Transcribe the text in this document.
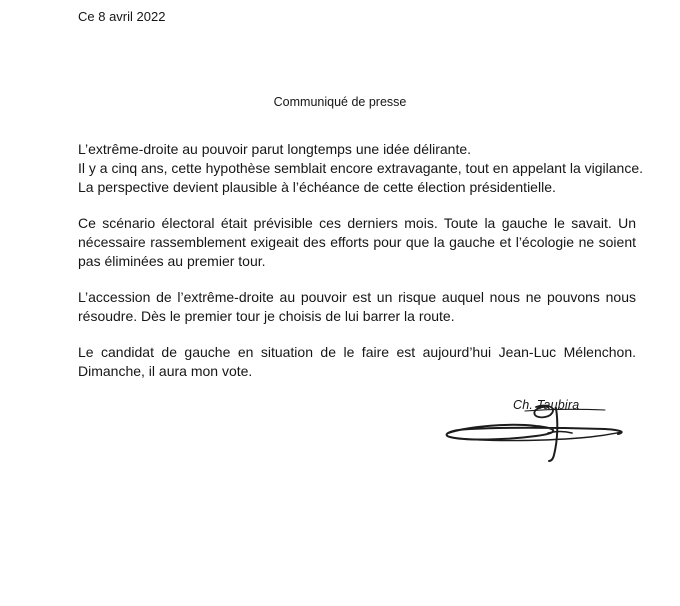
Ce 8 avril 2022
Communiqué de presse

L’extrême-droite au pouvoir parut longtemps une idée délirante.
Il y a cinq ans, cette hypothèse semblait encore extravagante, tout en appelant la vigilance.
La perspective devient plausible à l’échéance de cette élection présidentielle.

Ce scénario électoral était prévisible ces derniers mois. Toute la gauche le savait. Un nécessaire rassemblement exigeait des efforts pour que la gauche et l’écologie ne soient pas éliminées au premier tour.

L’accession de l’extrême-droite au pouvoir est un risque auquel nous ne pouvons nous résoudre. Dès le premier tour je choisis de lui barrer la route.

Le candidat de gauche en situation de le faire est aujourd’hui Jean-Luc Mélenchon. Dimanche, il aura mon vote.

Ch. Taubira
